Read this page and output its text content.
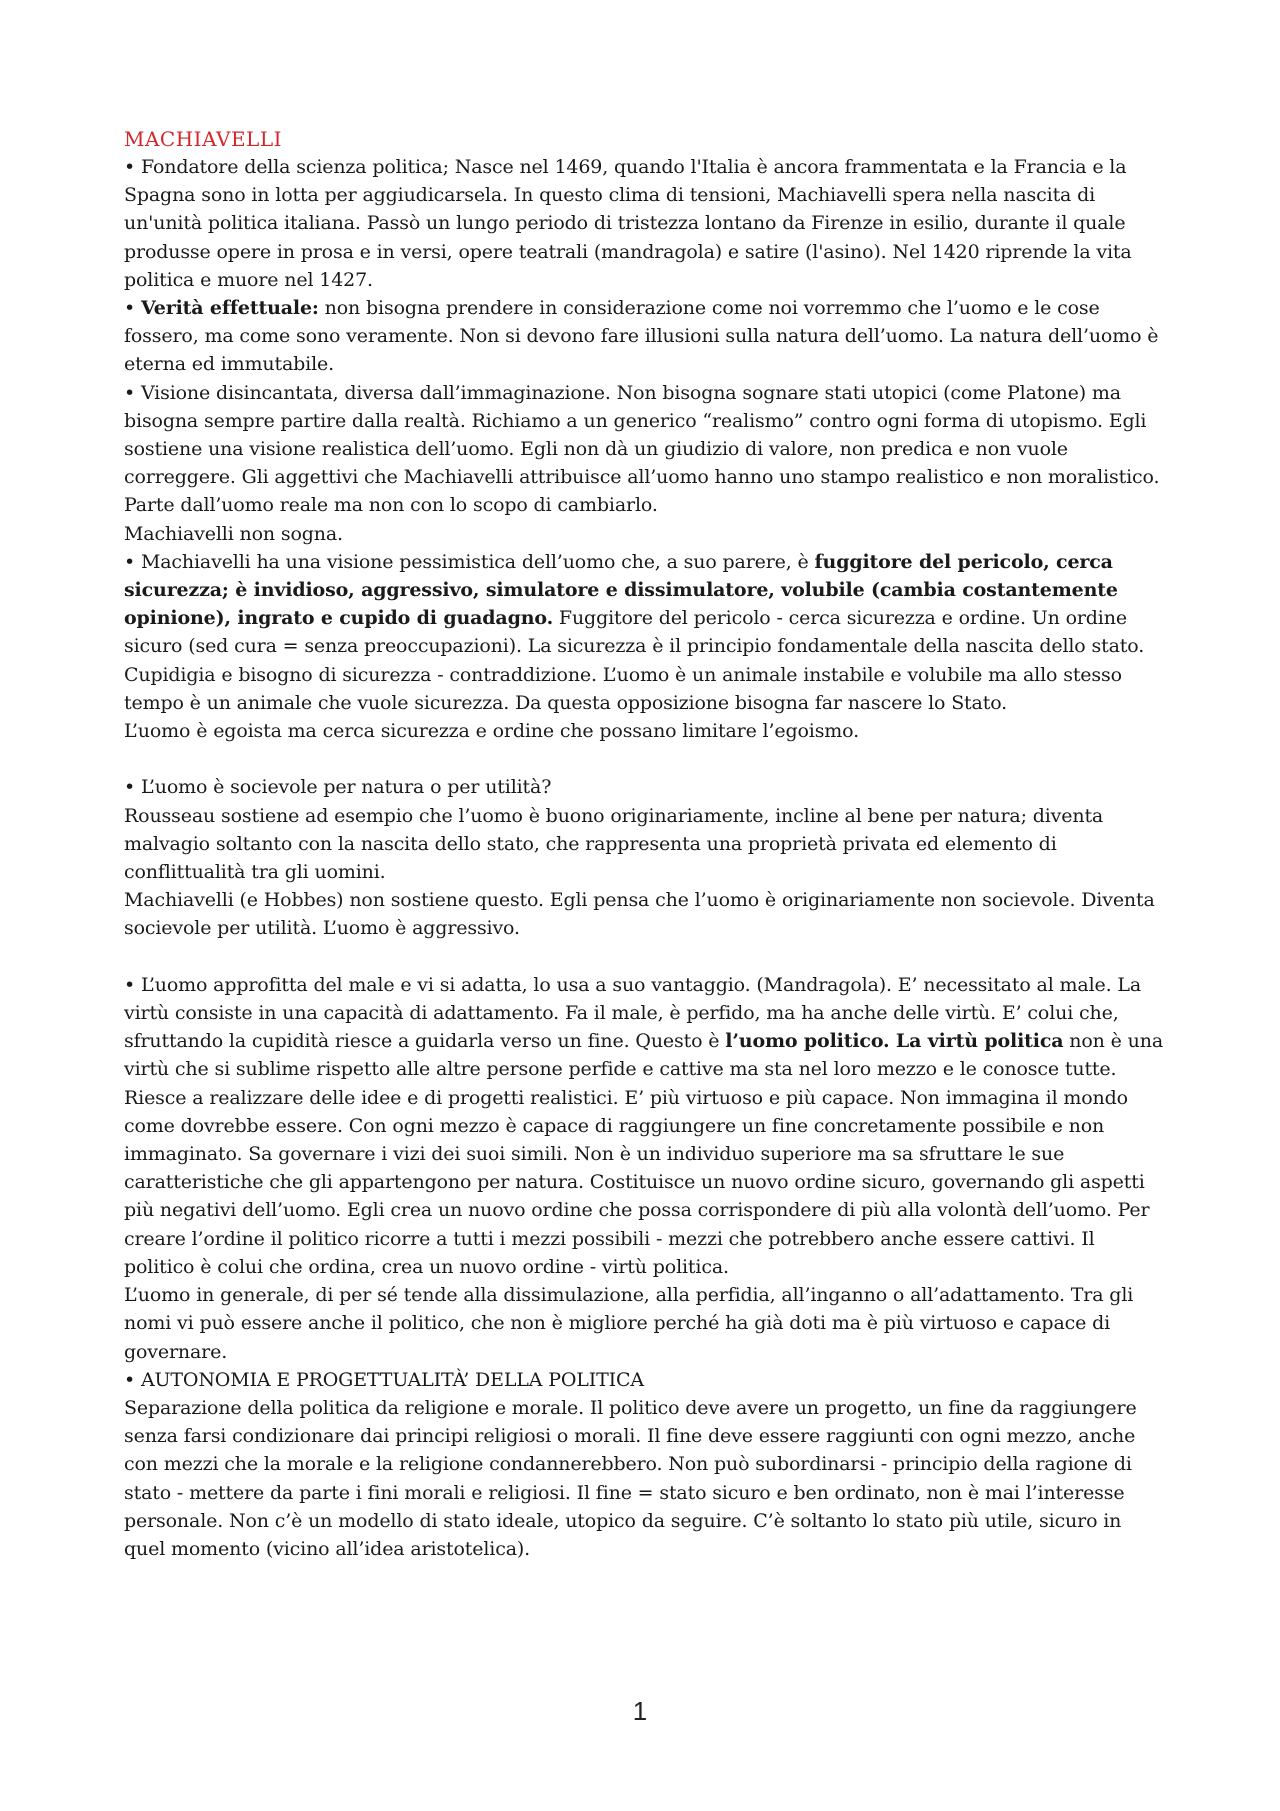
MACHIAVELLI

• Fondatore della scienza politica; Nasce nel 1469, quando l'Italia è ancora frammentata e la Francia e la Spagna sono in lotta per aggiudicarsela. In questo clima di tensioni, Machiavelli spera nella nascita di un'unità politica italiana. Passò un lungo periodo di tristezza lontano da Firenze in esilio, durante il quale produsse opere in prosa e in versi, opere teatrali (mandragola) e satire (l'asino). Nel 1420 riprende la vita politica e muore nel 1427.

• Verità effettuale: non bisogna prendere in considerazione come noi vorremmo che l’uomo e le cose fossero, ma come sono veramente. Non si devono fare illusioni sulla natura dell’uomo. La natura dell’uomo è eterna ed immutabile.

• Visione disincantata, diversa dall’immaginazione. Non bisogna sognare stati utopici (come Platone) ma bisogna sempre partire dalla realtà. Richiamo a un generico “realismo” contro ogni forma di utopismo. Egli sostiene una visione realistica dell’uomo. Egli non dà un giudizio di valore, non predica e non vuole correggere. Gli aggettivi che Machiavelli attribuisce all’uomo hanno uno stampo realistico e non moralistico. Parte dall’uomo reale ma non con lo scopo di cambiarlo.

Machiavelli non sogna.

• Machiavelli ha una visione pessimistica dell’uomo che, a suo parere, è fuggitore del pericolo, cerca sicurezza; è invidioso, aggressivo, simulatore e dissimulatore, volubile (cambia costantemente opinione), ingrato e cupido di guadagno. Fuggitore del pericolo - cerca sicurezza e ordine. Un ordine sicuro (sed cura = senza preoccupazioni). La sicurezza è il principio fondamentale della nascita dello stato.

Cupidigia e bisogno di sicurezza - contraddizione. L’uomo è un animale instabile e volubile ma allo stesso tempo è un animale che vuole sicurezza. Da questa opposizione bisogna far nascere lo Stato.

L’uomo è egoista ma cerca sicurezza e ordine che possano limitare l’egoismo.

• L’uomo è socievole per natura o per utilità?

Rousseau sostiene ad esempio che l’uomo è buono originariamente, incline al bene per natura; diventa malvagio soltanto con la nascita dello stato, che rappresenta una proprietà privata ed elemento di conflittualità tra gli uomini.

Machiavelli (e Hobbes) non sostiene questo. Egli pensa che l’uomo è originariamente non socievole. Diventa socievole per utilità. L’uomo è aggressivo.

• L’uomo approfitta del male e vi si adatta, lo usa a suo vantaggio. (Mandragola). E’ necessitato al male. La virtù consiste in una capacità di adattamento. Fa il male, è perfido, ma ha anche delle virtù. E’ colui che, sfruttando la cupidità riesce a guidarla verso un fine. Questo è l’uomo politico. La virtù politica non è una virtù che si sublime rispetto alle altre persone perfide e cattive ma sta nel loro mezzo e le conosce tutte. Riesce a realizzare delle idee e di progetti realistici. E’ più virtuoso e più capace. Non immagina il mondo come dovrebbe essere. Con ogni mezzo è capace di raggiungere un fine concretamente possibile e non immaginato. Sa governare i vizi dei suoi simili. Non è un individuo superiore ma sa sfruttare le sue caratteristiche che gli appartengono per natura. Costituisce un nuovo ordine sicuro, governando gli aspetti più negativi dell’uomo. Egli crea un nuovo ordine che possa corrispondere di più alla volontà dell’uomo. Per creare l’ordine il politico ricorre a tutti i mezzi possibili - mezzi che potrebbero anche essere cattivi. Il politico è colui che ordina, crea un nuovo ordine - virtù politica.

L’uomo in generale, di per sé tende alla dissimulazione, alla perfidia, all’inganno o all’adattamento. Tra gli nomi vi può essere anche il politico, che non è migliore perché ha già doti ma è più virtuoso e capace di governare.

• AUTONOMIA E PROGETTUALITÀ’ DELLA POLITICA

Separazione della politica da religione e morale. Il politico deve avere un progetto, un fine da raggiungere senza farsi condizionare dai principi religiosi o morali. Il fine deve essere raggiunti con ogni mezzo, anche con mezzi che la morale e la religione condannerebbero. Non può subordinarsi - principio della ragione di stato - mettere da parte i fini morali e religiosi. Il fine = stato sicuro e ben ordinato, non è mai l’interesse personale. Non c’è un modello di stato ideale, utopico da seguire. C’è soltanto lo stato più utile, sicuro in quel momento (vicino all’idea aristotelica).

1
